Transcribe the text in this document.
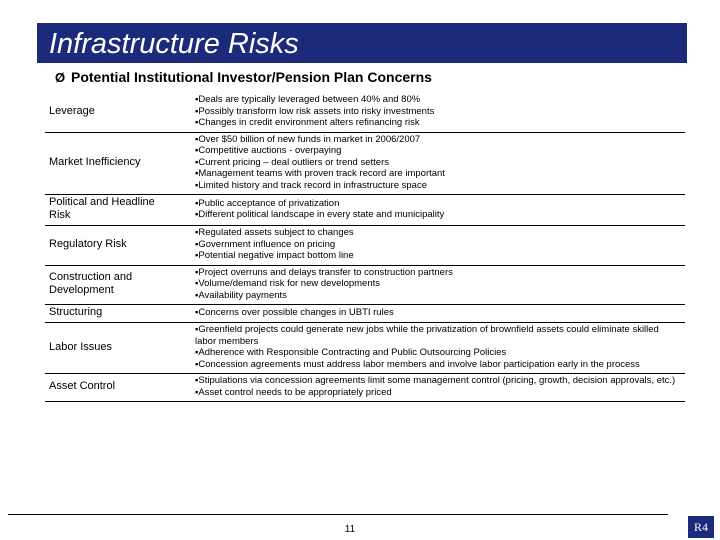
Infrastructure Risks
Ø Potential Institutional Investor/Pension Plan Concerns
Leverage		▪Deals are typically leveraged between 40% and 80%
▪Possibly transform low risk assets into risky investments
▪Changes in credit environment alters refinancing risk

Market Inefficiency		▪Over $50 billion of new funds in market in 2006/2007
▪Competitive auctions - overpaying
▪Current pricing – deal outliers or trend setters
▪Management teams with proven track record are important
▪Limited history and track record in infrastructure space

Political and Headline Risk		▪Public acceptance of privatization
▪Different political landscape in every state and municipality

Regulatory Risk		▪Regulated assets subject to changes
▪Government influence on pricing
▪Potential negative impact bottom line

Construction and Development		▪Project overruns and delays transfer to construction partners
▪Volume/demand risk for new developments
▪Availability payments

Structuring		▪Concerns over possible changes in UBTI rules

Labor Issues		▪Greenfield projects could generate new jobs while the privatization of brownfield assets could eliminate skilled labor members
▪Adherence with Responsible Contracting and Public Outsourcing Policies
▪Concession agreements must address labor members and involve labor participation early in the process

Asset Control		▪Stipulations via concession agreements limit some management control (pricing, growth, decision approvals, etc.)
▪Asset control needs to be appropriately priced
11	R4
